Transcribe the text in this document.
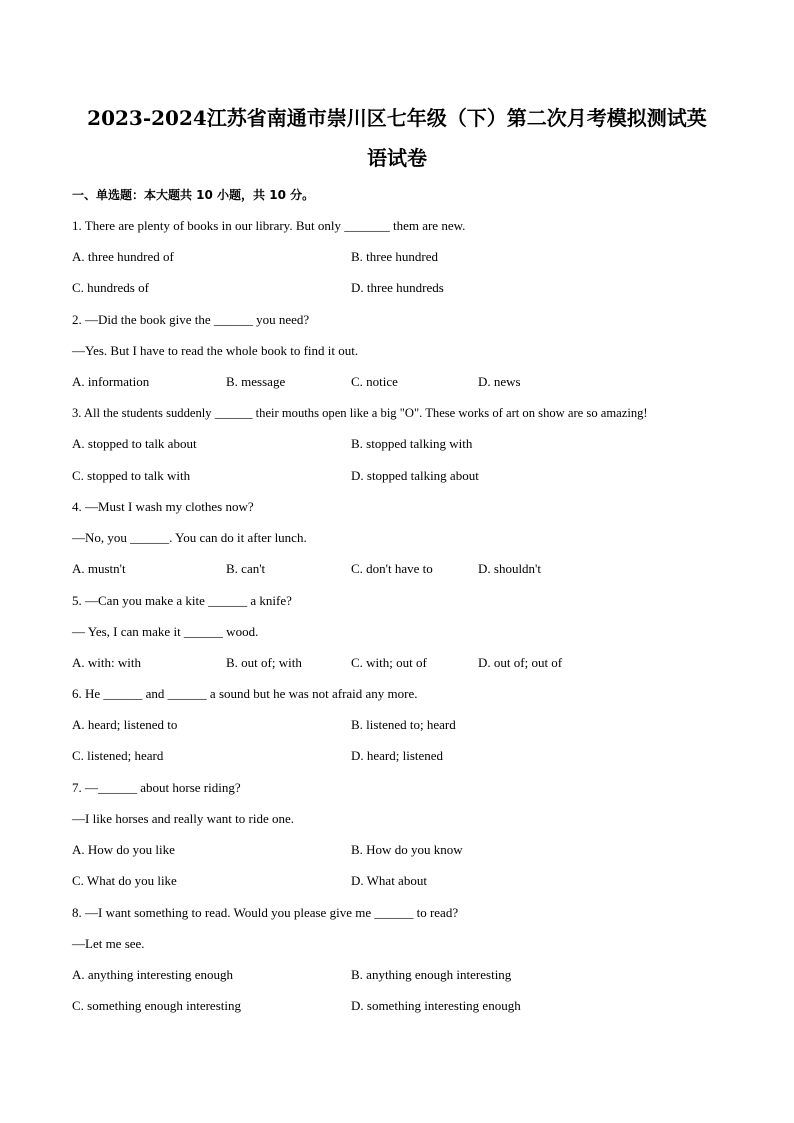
2023-2024江苏省南通市崇川区七年级（下）第二次月考模拟测试英
语试卷
一、单选题：本大题共 10 小题，共 10 分。
1. There are plenty of books in our library. But only _______ them are new.
A. three hundred of	B. three hundred
C. hundreds of	D. three hundreds
2. —Did the book give the ______ you need?
—Yes. But I have to read the whole book to find it out.
A. information	B. message	C. notice	D. news
3. All the students suddenly ______ their mouths open like a big "O". These works of art on show are so amazing!
A. stopped to talk about	B. stopped talking with
C. stopped to talk with	D. stopped talking about
4. —Must I wash my clothes now?
—No, you ______. You can do it after lunch.
A. mustn't	B. can't	C. don't have to	D. shouldn't
5. —Can you make a kite ______ a knife?
— Yes, I can make it ______ wood.
A. with: with	B. out of; with	C. with; out of	D. out of; out of
6. He ______ and ______ a sound but he was not afraid any more.
A. heard; listened to	B. listened to; heard
C. listened; heard	D. heard; listened
7. —______ about horse riding?
—I like horses and really want to ride one.
A. How do you like	B. How do you know
C. What do you like	D. What about
8. —I want something to read. Would you please give me ______ to read?
—Let me see.
A. anything interesting enough	B. anything enough interesting
C. something enough interesting	D. something interesting enough
